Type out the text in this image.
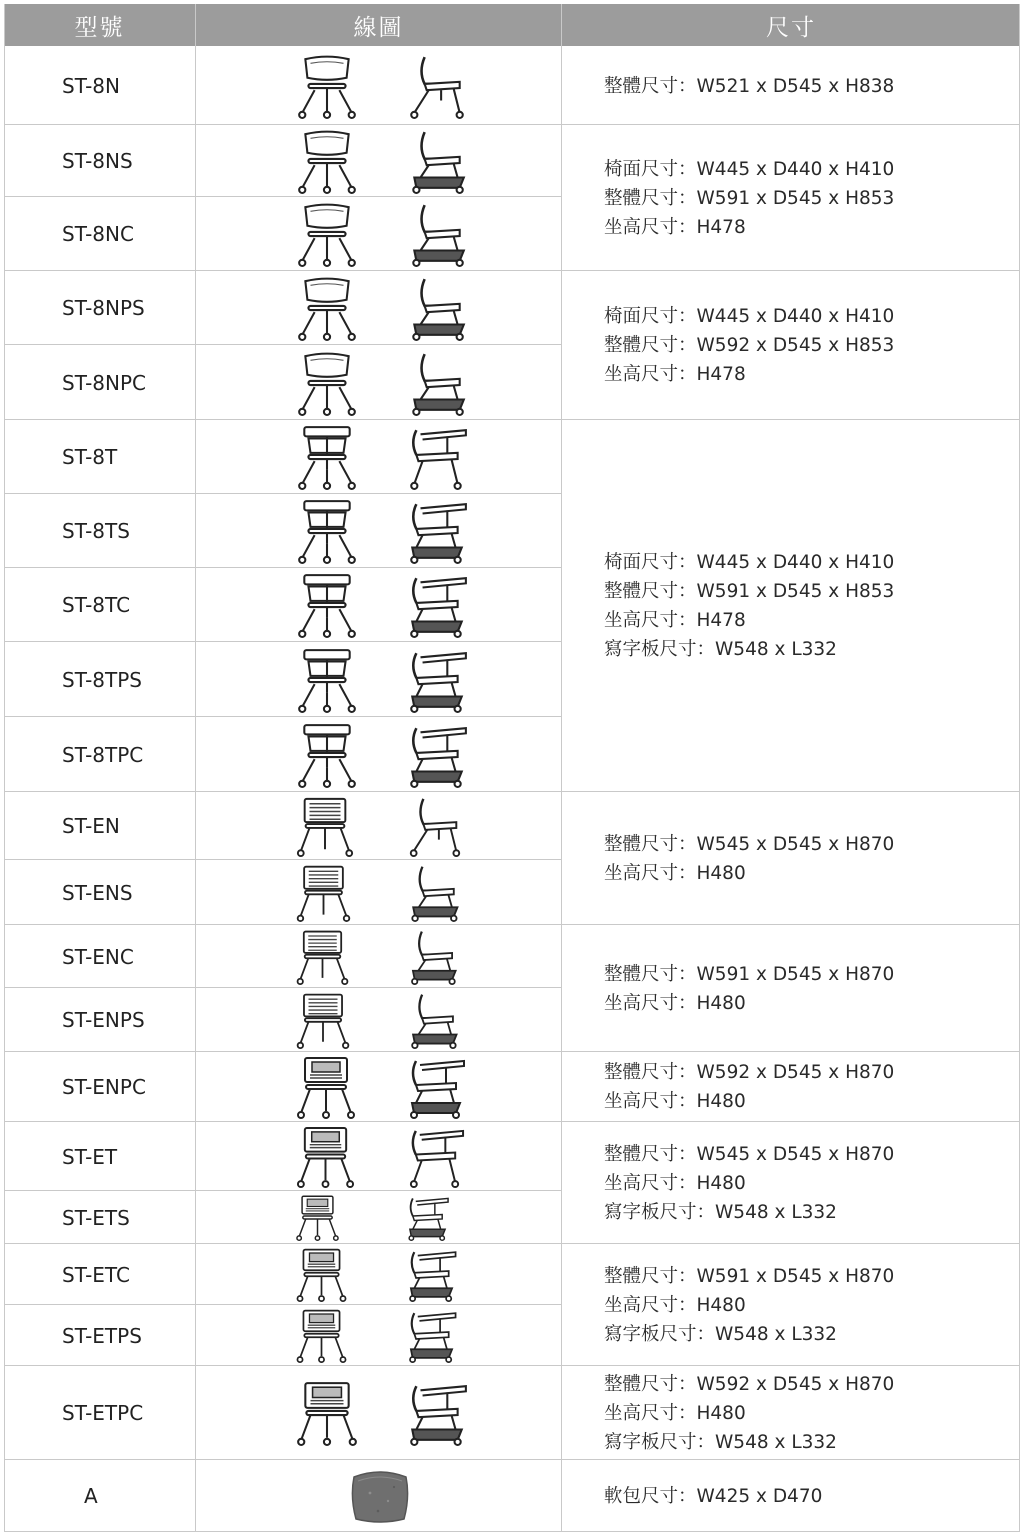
型號	線圖	尺寸
ST-8N
ST-8NS
ST-8NC
ST-8NPS
ST-8NPC
ST-8T
ST-8TS
ST-8TC
ST-8TPS
ST-8TPC
ST-EN
ST-ENS
ST-ENC
ST-ENPS
ST-ENPC
ST-ET
ST-ETS
ST-ETC
ST-ETPS
ST-ETPC
A
整體尺寸：W521 x D545 x H838
椅面尺寸：W445 x D440 x H410
整體尺寸：W591 x D545 x H853
坐高尺寸：H478
椅面尺寸：W445 x D440 x H410
整體尺寸：W592 x D545 x H853
坐高尺寸：H478
椅面尺寸：W445 x D440 x H410
整體尺寸：W591 x D545 x H853
坐高尺寸：H478
寫字板尺寸：W548 x L332
整體尺寸：W545 x D545 x H870
坐高尺寸：H480
整體尺寸：W591 x D545 x H870
坐高尺寸：H480
整體尺寸：W592 x D545 x H870
坐高尺寸：H480
整體尺寸：W545 x D545 x H870
坐高尺寸：H480
寫字板尺寸：W548 x L332
整體尺寸：W591 x D545 x H870
坐高尺寸：H480
寫字板尺寸：W548 x L332
整體尺寸：W592 x D545 x H870
坐高尺寸：H480
寫字板尺寸：W548 x L332
軟包尺寸：W425 x D470
